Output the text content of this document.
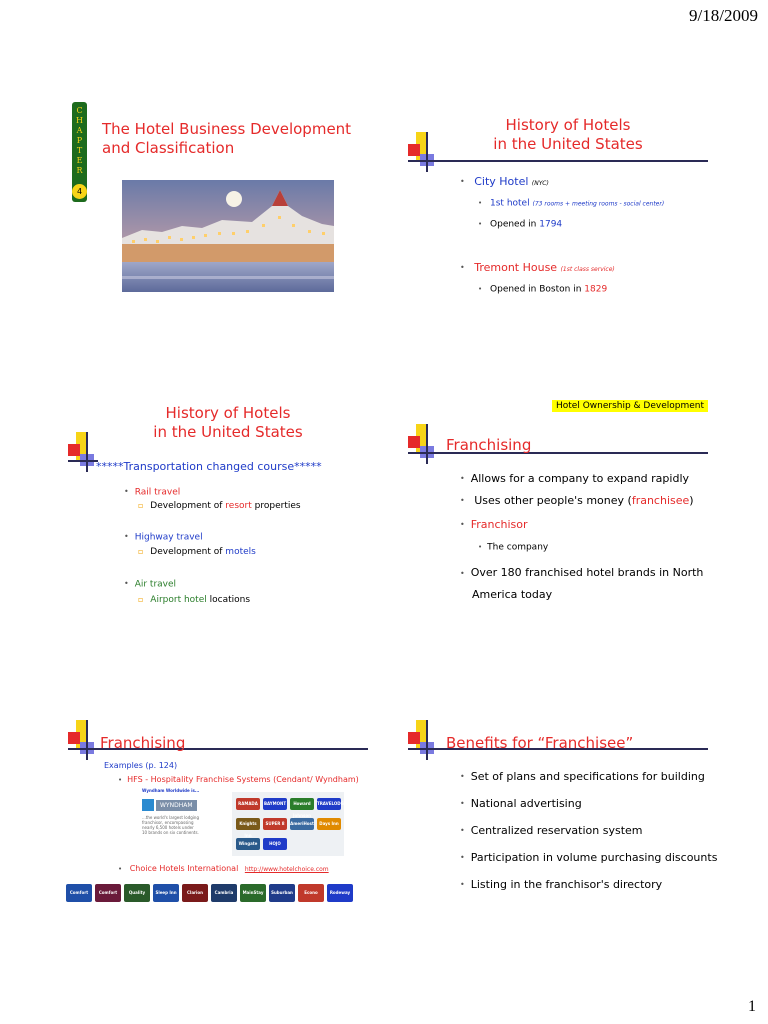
9/18/2009
1
C
H
A
P
T
E
R
4
The Hotel Business Development
and Classification
History of Hotels
in the United States
• City Hotel (NYC)
• 1st hotel (73 rooms + meeting rooms - social center)
• Opened in 1794
• Tremont House (1st class service)
• Opened in Boston in 1829
History of Hotels
in the United States
*****Transportation changed course*****
• Rail travel
▫ Development of resort properties
• Highway travel
▫ Development of motels
• Air travel
▫ Airport hotel locations
Hotel Ownership & Development
Franchising
• Allows for a company to expand rapidly
• Uses other people's money (franchisee)
• Franchisor
• The company
• Over 180 franchised hotel brands in North
America today
Franchising
Examples (p. 124)
• HFS - Hospitality Franchise Systems (Cendant/ Wyndham)
Wyndham Worldwide is...
WYNDHAM
...the world's largest lodging franchisor, encompassing nearly 6,500 hotels under 10 brands on six continents.
RAMADA	BAYMONT	Howard Johnson
TRAVELODGE
Knights Inn
SUPER 8	AmeriHost	Days Inn
Wingate	HOJO
• Choice Hotels International http://www.hotelchoice.com
Comfort Inn
Comfort Suites
Quality	Sleep Inn	Clarion	Cambria Suites
MainStay Suites
Suburban	Econo Lodge
Rodeway Inn
Benefits for “Franchisee”
• Set of plans and specifications for building
• National advertising
• Centralized reservation system
• Participation in volume purchasing discounts
• Listing in the franchisor's directory
